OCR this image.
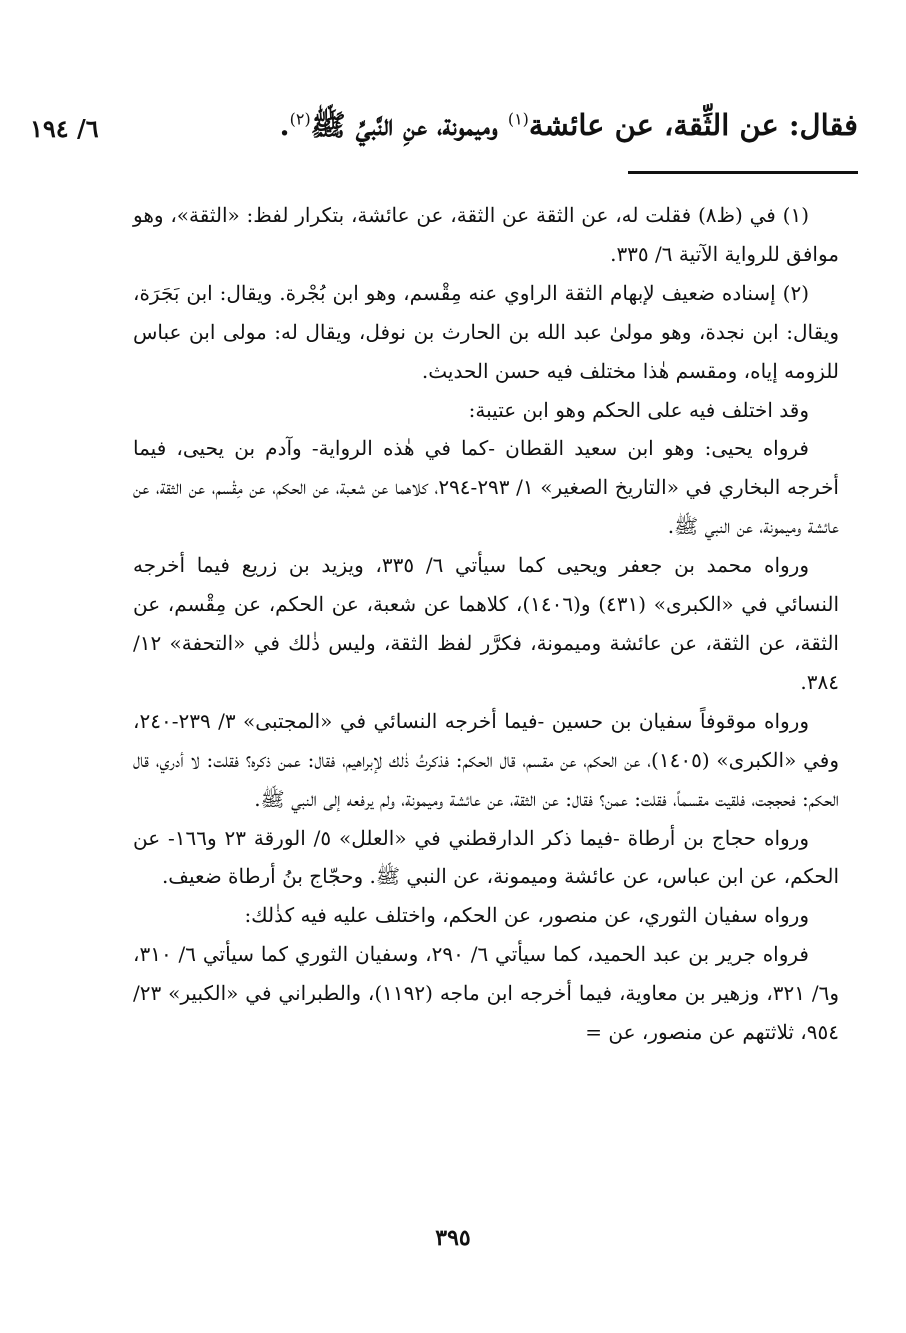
فقال: عن الثِّقة، عن عائشة$^{(١)}$ وميمونة، عنِ النَّبيِّ ﷺ$^{(٢)}$.
٦/ ١٩٤

(١) في (ظ٨) فقلت له، عن الثقة عن الثقة، عن عائشة، بتكرار لفظ: «الثقة»، وهو موافق للرواية الآتية ٦/ ٣٣٥.

(٢) إسناده ضعيف لإبهام الثقة الراوي عنه مِقْسم، وهو ابن بُجْرة. ويقال: ابن بَجَرَة، ويقال: ابن نجدة، وهو مولىٰ عبد الله بن الحارث بن نوفل، ويقال له: مولى ابن عباس للزومه إياه، ومقسم هٰذا مختلف فيه حسن الحديث.

وقد اختلف فيه على الحكم وهو ابن عتيبة:

فرواه يحيى: وهو ابن سعيد القطان -كما في هٰذه الرواية- وآدم بن يحيى، فيما أخرجه البخاري في «التاريخ الصغير» ١/ ٢٩٣-٢٩٤، كلاهما عن شعبة، عن الحكم، عن مِقْسم، عن الثقة، عن عائشة وميمونة، عن النبي ﷺ.

ورواه محمد بن جعفر ويحيى كما سيأتي ٦/ ٣٣٥، ويزيد بن زريع فيما أخرجه النسائي في «الكبرى» (٤٣١) و(١٤٠٦)، كلاهما عن شعبة، عن الحكم، عن مِقْسم، عن الثقة، عن الثقة، عن عائشة وميمونة، فكرَّر لفظ الثقة، وليس ذٰلك في «التحفة» ١٢/ ٣٨٤.

ورواه موقوفاً سفيان بن حسين -فيما أخرجه النسائي في «المجتبى» ٣/ ٢٣٩-٢٤٠، وفي «الكبرى» (١٤٠٥)، عن الحكم، عن مقسم، قال الحكم: فذكرتُ ذٰلك لإبراهيم، فقال: عمن ذكره؟ فقلت: لا أدري، قال الحكم: فحججت، فلقيت مقسماً، فقلت: عمن؟ فقال: عن الثقة، عن عائشة وميمونة، ولم يرفعه إلى النبي ﷺ.

ورواه حجاج بن أرطاة -فيما ذكر الدارقطني في «العلل» ٥/ الورقة ٢٣ و١٦٦- عن الحكم، عن ابن عباس، عن عائشة وميمونة، عن النبي ﷺ. وحجّاج بنُ أرطاة ضعيف.

ورواه سفيان الثوري، عن منصور، عن الحكم، واختلف عليه فيه كذٰلك:

فرواه جرير بن عبد الحميد، كما سيأتي ٦/ ٢٩٠، وسفيان الثوري كما سيأتي ٦/ ٣١٠، و٦/ ٣٢١، وزهير بن معاوية، فيما أخرجه ابن ماجه (١١٩٢)، والطبراني في «الكبير» ٢٣/ ٩٥٤، ثلاثتهم عن منصور، عن =

٣٩٥
